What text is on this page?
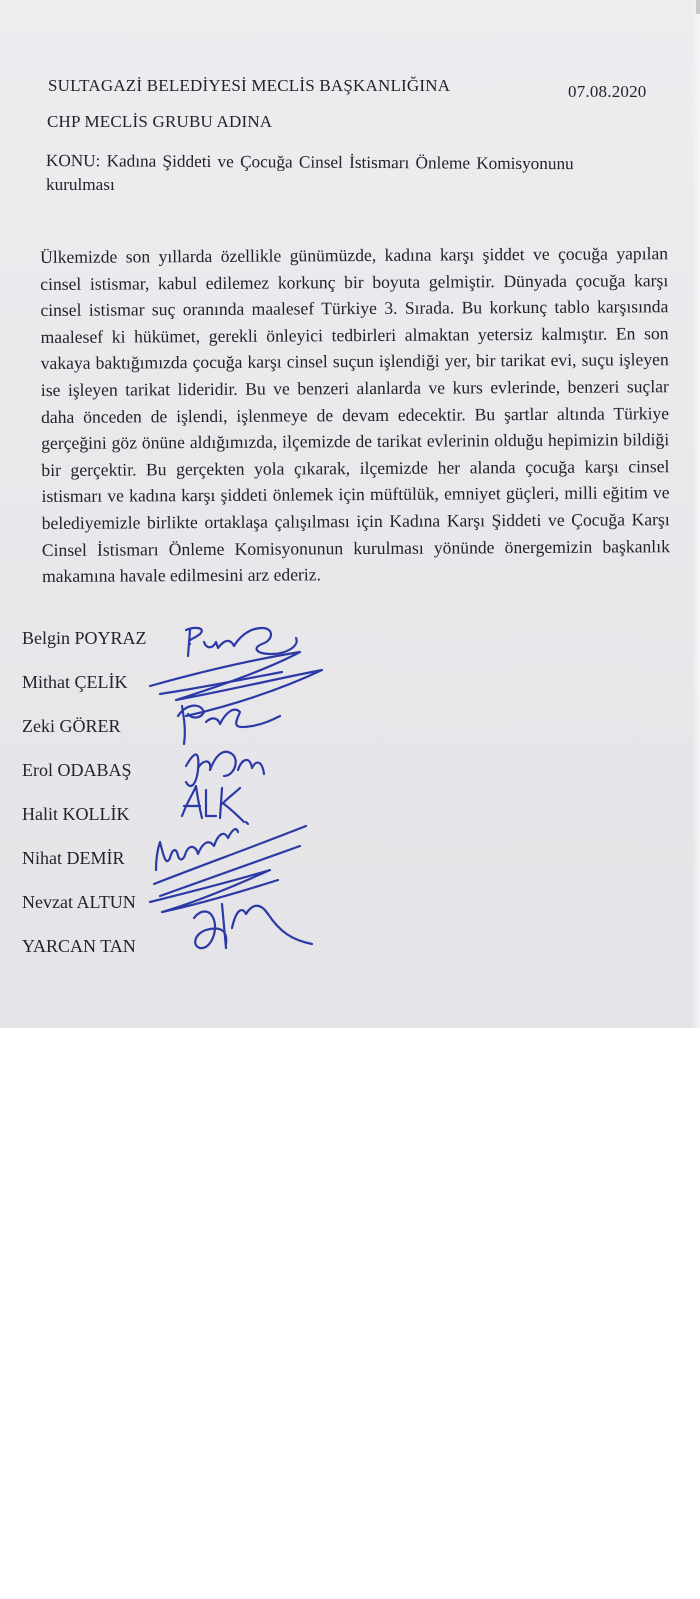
SULTAGAZİ BELEDİYESİ MECLİS BAŞKANLIĞINA	07.08.2020
CHP MECLİS GRUBU ADINA
KONU: Kadına Şiddeti ve Çocuğa Cinsel İstismarı Önleme Komisyonunu
kurulması
Ülkemizde son yıllarda özellikle günümüzde, kadına karşı şiddet ve çocuğa yapılan cinsel istismar, kabul edilemez korkunç bir boyuta gelmiştir. Dünyada çocuğa karşı cinsel istismar suç oranında maalesef Türkiye 3. Sırada. Bu korkunç tablo karşısında maalesef ki hükümet, gerekli önleyici tedbirleri almaktan yetersiz kalmıştır. En son vakaya baktığımızda çocuğa karşı cinsel suçun işlendiği yer, bir tarikat evi, suçu işleyen ise işleyen tarikat lideridir. Bu ve benzeri alanlarda ve kurs evlerinde, benzeri suçlar daha önceden de işlendi, işlenmeye de devam edecektir. Bu şartlar altında Türkiye gerçeğini göz önüne aldığımızda, ilçemizde de tarikat evlerinin olduğu hepimizin bildiği bir gerçektir. Bu gerçekten yola çıkarak, ilçemizde her alanda çocuğa karşı cinsel istismarı ve kadına karşı şiddeti önlemek için müftülük, emniyet güçleri, milli eğitim ve belediyemizle birlikte ortaklaşa çalışılması için Kadına Karşı Şiddeti ve Çocuğa Karşı Cinsel İstismarı Önleme Komisyonunun kurulması yönünde önergemizin başkanlık makamına havale edilmesini arz ederiz.
Belgin POYRAZ
Mithat ÇELİK
Zeki GÖRER
Erol ODABAŞ
Halit KOLLİK
Nihat DEMİR
Nevzat ALTUN
YARCAN TAN
